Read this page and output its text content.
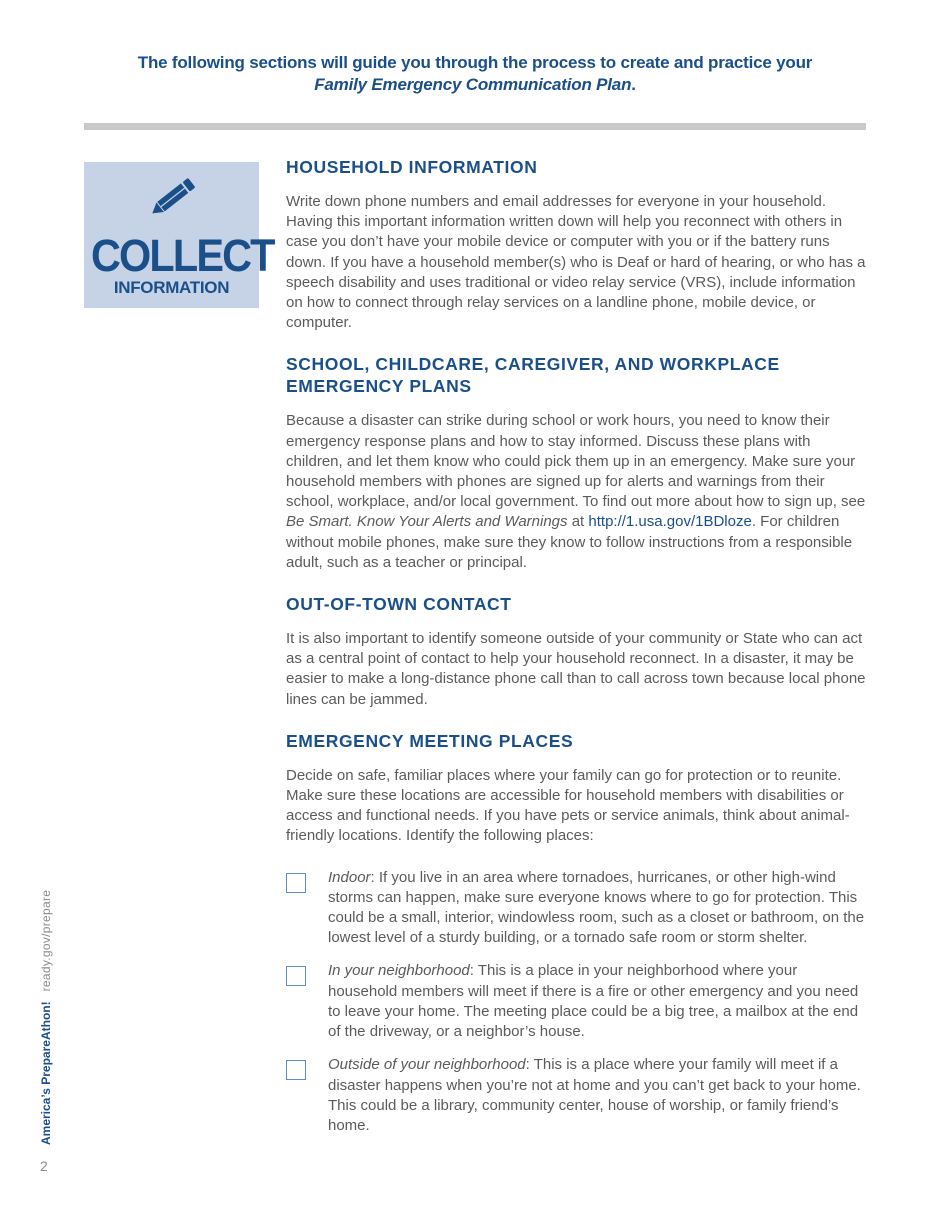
The following sections will guide you through the process to create and practice your
Family Emergency Communication Plan.
COLLECT
INFORMATION
HOUSEHOLD INFORMATION

Write down phone numbers and email addresses for everyone in your household. Having this important information written down will help you reconnect with others in case you don’t have your mobile device or computer with you or if the battery runs down. If you have a household member(s) who is Deaf or hard of hearing, or who has a speech disability and uses traditional or video relay service (VRS), include information on how to connect through relay services on a landline phone, mobile device, or computer.

SCHOOL, CHILDCARE, CAREGIVER, AND WORKPLACE
EMERGENCY PLANS

Because a disaster can strike during school or work hours, you need to know their emergency response plans and how to stay informed. Discuss these plans with children, and let them know who could pick them up in an emergency. Make sure your household members with phones are signed up for alerts and warnings from their school, workplace, and/or local government. To find out more about how to sign up, see Be Smart. Know Your Alerts and Warnings at http://1.usa.gov/1BDloze. For children without mobile phones, make sure they know to follow instructions from a responsible adult, such as a teacher or principal.

OUT-OF-TOWN CONTACT

It is also important to identify someone outside of your community or State who can act as a central point of contact to help your household reconnect. In a disaster, it may be easier to make a long-distance phone call than to call across town because local phone lines can be jammed.

EMERGENCY MEETING PLACES

Decide on safe, familiar places where your family can go for protection or to reunite. Make sure these locations are accessible for household members with disabilities or access and functional needs. If you have pets or service animals, think about animal-friendly locations. Identify the following places:

Indoor: If you live in an area where tornadoes, hurricanes, or other high-wind storms can happen, make sure everyone knows where to go for protection. This could be a small, interior, windowless room, such as a closet or bathroom, on the lowest level of a sturdy building, or a tornado safe room or storm shelter.

In your neighborhood: This is a place in your neighborhood where your household members will meet if there is a fire or other emergency and you need to leave your home. The meeting place could be a big tree, a mailbox at the end of the driveway, or a neighbor’s house.

Outside of your neighborhood: This is a place where your family will meet if a disaster happens when you’re not at home and you can’t get back to your home. This could be a library, community center, house of worship, or family friend’s home.

America’s PrepareAthon!ready.gov/prepare
2
